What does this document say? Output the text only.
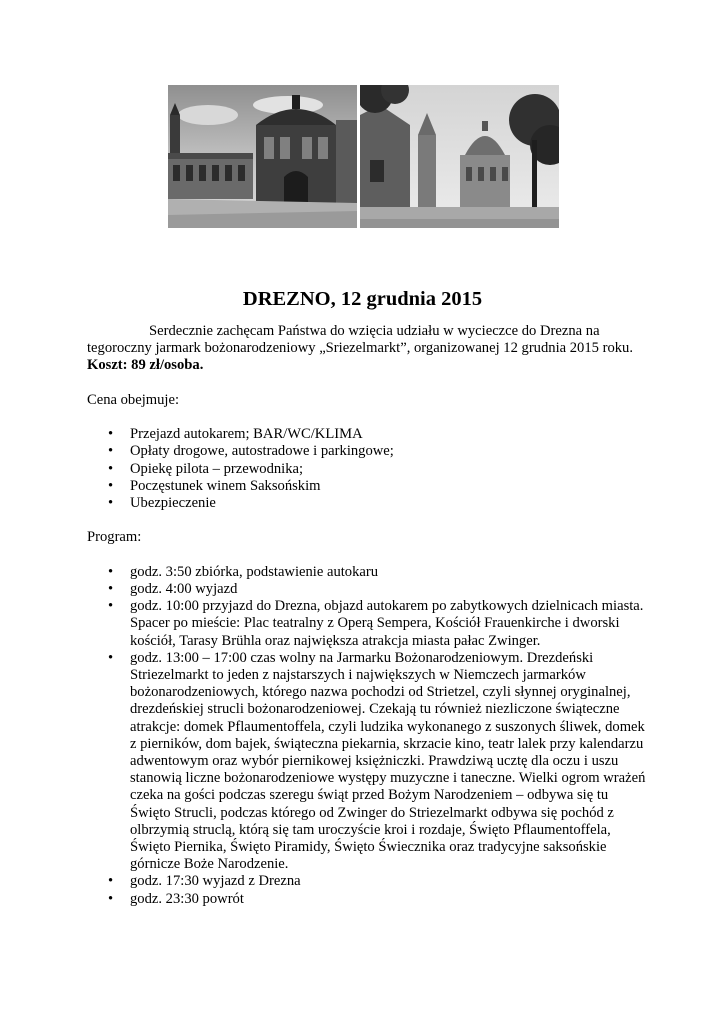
DREZNO, 12 grudnia 2015

Serdecznie zachęcam Państwa do wzięcia udziału w wycieczce do Drezna na tegoroczny jarmark bożonarodzeniowy „Sriezelmarkt”, organizowanej 12 grudnia 2015 roku.

Koszt: 89 zł/osoba.

Cena obejmuje:

• Przejazd autokarem; BAR/WC/KLIMA
• Opłaty drogowe, autostradowe i parkingowe;
• Opiekę pilota – przewodnika;
• Poczęstunek winem Saksońskim
• Ubezpieczenie

Program:

• godz. 3:50 zbiórka, podstawienie autokaru
• godz. 4:00 wyjazd
• godz. 10:00 przyjazd do Drezna, objazd autokarem po zabytkowych dzielnicach miasta. Spacer po mieście: Plac teatralny z Operą Sempera, Kościół Frauenkirche i dworski kościół, Tarasy Brühla oraz największa atrakcja miasta pałac Zwinger.
• godz. 13:00 – 17:00 czas wolny na Jarmarku Bożonarodzeniowym. Drezdeński Striezelmarkt to jeden z najstarszych i największych w Niemczech jarmarków bożonarodzeniowych, którego nazwa pochodzi od Strietzel, czyli słynnej oryginalnej, drezdeńskiej strucli bożonarodzeniowej. Czekają tu również niezliczone świąteczne atrakcje: domek Pflaumentoffela, czyli ludzika wykonanego z suszonych śliwek, domek z pierników, dom bajek, świąteczna piekarnia, skrzacie kino, teatr lalek przy kalendarzu adwentowym oraz wybór piernikowej księżniczki. Prawdziwą ucztę dla oczu i uszu stanowią liczne bożonarodzeniowe występy muzyczne i taneczne. Wielki ogrom wrażeń czeka na gości podczas szeregu świąt przed Bożym Narodzeniem – odbywa się tu Święto Strucli, podczas którego od Zwinger do Striezelmarkt odbywa się pochód z olbrzymią struclą, którą się tam uroczyście kroi i rozdaje, Święto Pflaumentoffela, Święto Piernika, Święto Piramidy, Święto Świecznika oraz tradycyjne saksońskie górnicze Boże Narodzenie.
• godz. 17:30 wyjazd z Drezna
• godz. 23:30 powrót
